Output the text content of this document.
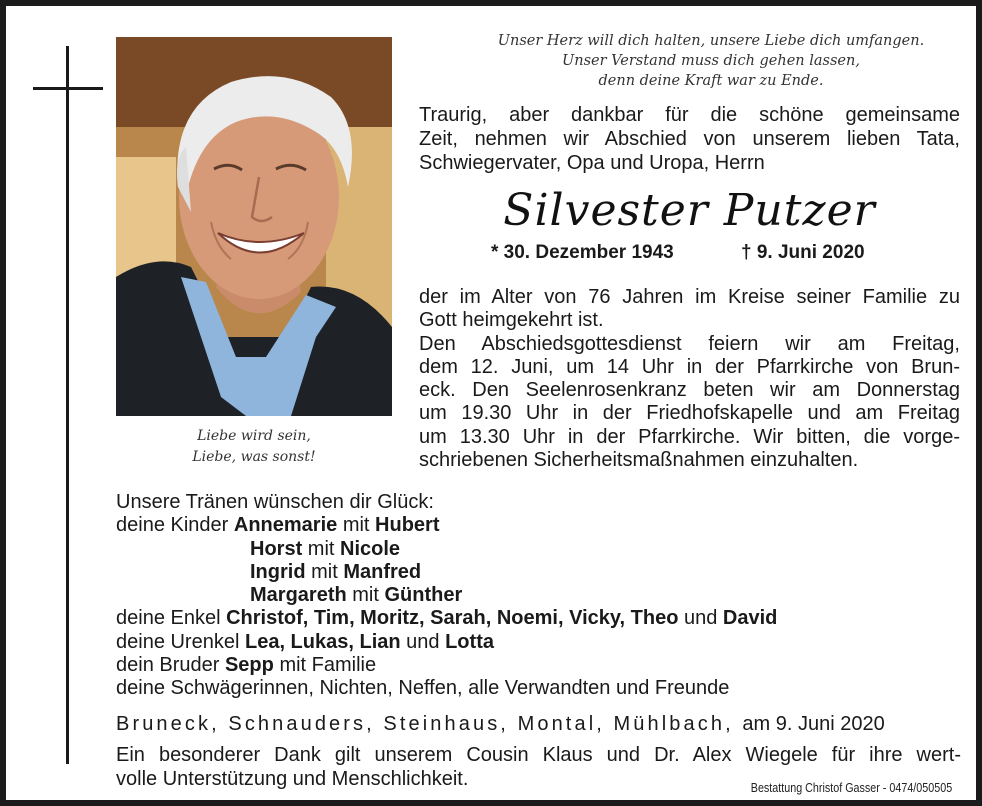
Liebe wird sein,
Liebe, was sonst!
Unser Herz will dich halten, unsere Liebe dich umfangen.
Unser Verstand muss dich gehen lassen,
denn deine Kraft war zu Ende.
Traurig, aber dankbar für die schöne gemeinsame
Zeit, nehmen wir Abschied von unserem lieben Tata,
Schwiegervater, Opa und Uropa, Herrn
Silvester Putzer
* 30. Dezember 1943	† 9. Juni 2020
der im Alter von 76 Jahren im Kreise seiner Familie zu
Gott heimgekehrt ist.
Den Abschiedsgottesdienst feiern wir am Freitag,
dem 12. Juni, um 14 Uhr in der Pfarrkirche von Brun-
eck. Den Seelenrosenkranz beten wir am Donnerstag
um 19.30 Uhr in der Friedhofskapelle und am Freitag
um 13.30 Uhr in der Pfarrkirche. Wir bitten, die vorge-
schriebenen Sicherheitsmaßnahmen einzuhalten.
Unsere Tränen wünschen dir Glück:
deine Kinder Annemarie mit Hubert
Horst mit Nicole
Ingrid mit Manfred
Margareth mit Günther
deine Enkel Christof, Tim, Moritz, Sarah, Noemi, Vicky, Theo und David
deine Urenkel Lea, Lukas, Lian und Lotta
dein Bruder Sepp mit Familie
deine Schwägerinnen, Nichten, Neffen, alle Verwandten und Freunde
Bruneck, Schnauders, Steinhaus, Montal, Mühlbach, am 9. Juni 2020
Ein besonderer Dank gilt unserem Cousin Klaus und Dr. Alex Wiegele für ihre wert-
volle Unterstützung und Menschlichkeit.	Bestattung Christof Gasser - 0474/050505
